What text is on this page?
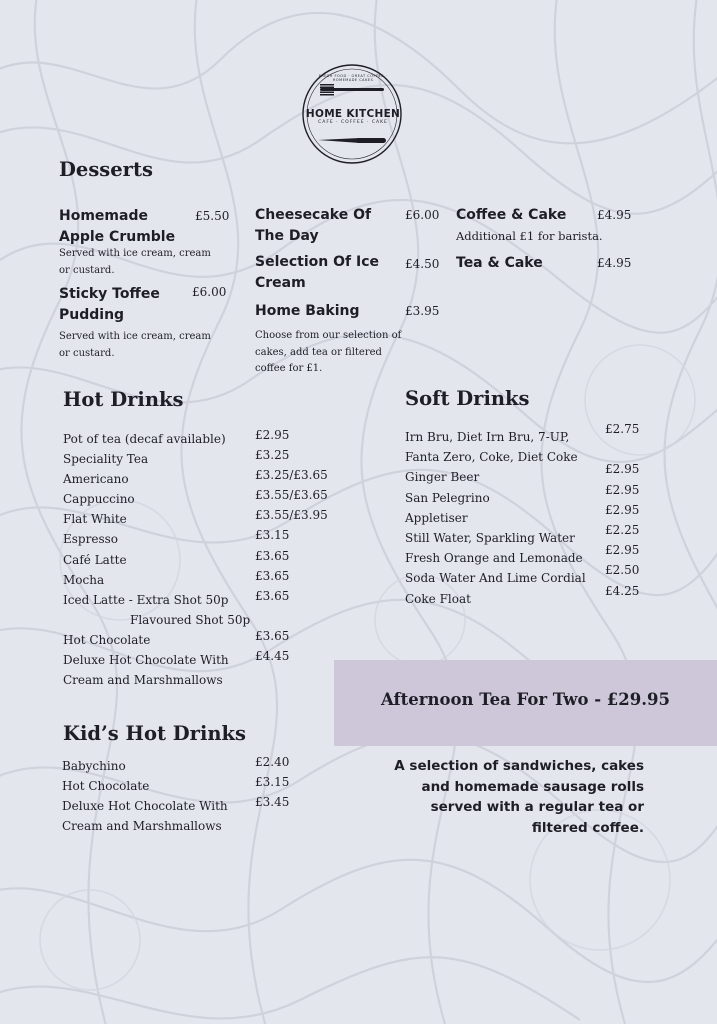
HOME KITCHEN
CAFE · COFFEE · CAKE
FRESH FOOD · GREAT COFFEE · HOMEMADE CAKES
Desserts
Homemade Apple Crumble
£5.50
Served with ice cream, cream or custard.
Sticky Toffee Pudding
£6.00
Served with ice cream, cream or custard.
Cheesecake Of The Day
£6.00
Selection Of Ice Cream
£4.50
Home Baking	£3.95
Choose from our selection of cakes, add tea or filtered coffee for £1.
Coffee & Cake	£4.95
Additional £1 for barista.
Tea & Cake	£4.95
Hot Drinks
Pot of tea (decaf available) £2.95
Speciality Tea	£3.25
Americano	£3.25/£3.65
Cappuccino	£3.55/£3.65
Flat White	£3.55/£3.95
Espresso	£3.15
Café Latte	£3.65
Mocha	£3.65
Iced Latte - Extra Shot 50p £3.65
Flavoured Shot 50p
Hot Chocolate	£3.65
Deluxe Hot Chocolate With £4.45
Cream and Marshmallows
Kid’s Hot Drinks
Babychino	£2.40
Hot Chocolate	£3.15
Deluxe Hot Chocolate With £3.45
Cream and Marshmallows
Soft Drinks
Irn Bru, Diet Irn Bru, 7-UP,
£2.75
Fanta Zero, Coke, Diet Coke
Ginger Beer
£2.95
San Pelegrino
£2.95
Appletiser
£2.95
Still Water, Sparkling Water
£2.25
Fresh Orange and Lemonade
£2.95
Soda Water And Lime Cordial
£2.50
Coke Float
£4.25
Afternoon Tea For Two - £29.95
A selection of sandwiches, cakes and homemade sausage rolls served with a regular tea or filtered coffee.
